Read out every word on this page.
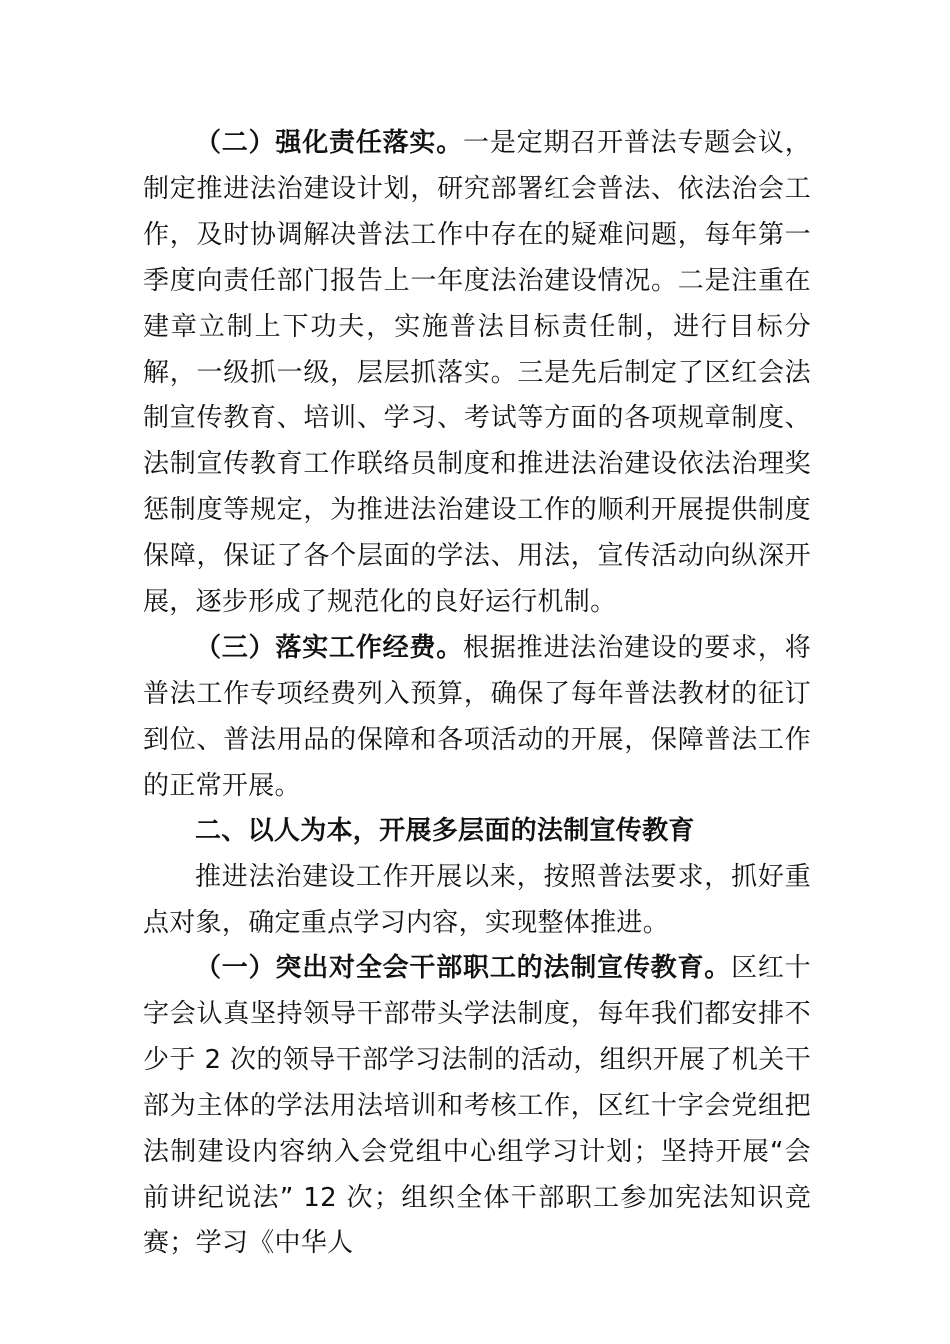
（二）强化责任落实。一是定期召开普法专题会议，制定推进法治建设计划，研究部署红会普法、依法治会工作，及时协调解决普法工作中存在的疑难问题，每年第一季度向责任部门报告上一年度法治建设情况。二是注重在建章立制上下功夫，实施普法目标责任制，进行目标分解，一级抓一级，层层抓落实。三是先后制定了区红会法制宣传教育、培训、学习、考试等方面的各项规章制度、法制宣传教育工作联络员制度和推进法治建设依法治理奖惩制度等规定，为推进法治建设工作的顺利开展提供制度保障，保证了各个层面的学法、用法，宣传活动向纵深开展，逐步形成了规范化的良好运行机制。

（三）落实工作经费。根据推进法治建设的要求，将普法工作专项经费列入预算，确保了每年普法教材的征订到位、普法用品的保障和各项活动的开展，保障普法工作的正常开展。

二、以人为本，开展多层面的法制宣传教育

推进法治建设工作开展以来，按照普法要求，抓好重点对象，确定重点学习内容，实现整体推进。

（一）突出对全会干部职工的法制宣传教育。区红十字会认真坚持领导干部带头学法制度，每年我们都安排不少于 2 次的领导干部学习法制的活动，组织开展了机关干部为主体的学法用法培训和考核工作，区红十字会党组把法制建设内容纳入会党组中心组学习计划；坚持开展“会前讲纪说法” 12 次；组织全体干部职工参加宪法知识竞赛；学习《中华人
